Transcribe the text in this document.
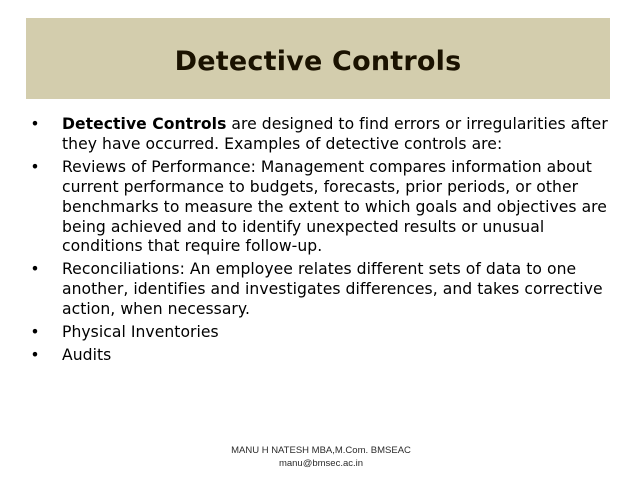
Detective Controls
• Detective Controls are designed to find errors or irregularities after they have occurred. Examples of detective controls are:
• Reviews of Performance: Management compares information about current performance to budgets, forecasts, prior periods, or other benchmarks to measure the extent to which goals and objectives are being achieved and to identify unexpected results or unusual conditions that require follow-up.
• Reconciliations: An employee relates different sets of data to one another, identifies and investigates differences, and takes corrective action, when necessary.
• Physical Inventories
• Audits
MANU H NATESH MBA,M.Com. BMSEAC
manu@bmsec.ac.in
